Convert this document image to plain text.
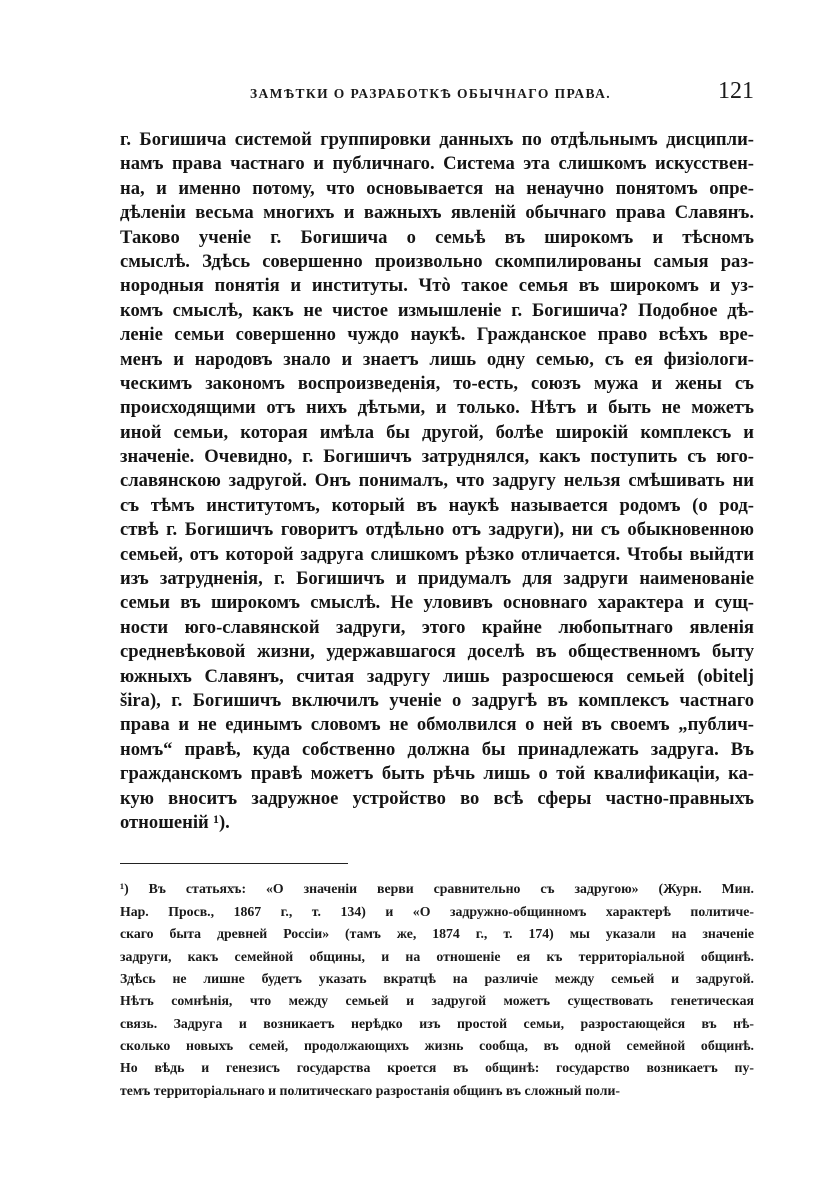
ЗАМѢТКИ О РАЗРАБОТКѢ ОБЫЧНАГО ПРАВА.	121
г. Богишича системой группировки данныхъ по отдѣльнымъ дисципли-
намъ права частнаго и публичнаго. Система эта слишкомъ искусствен-
на, и именно потому, что основывается на ненаучно понятомъ опре-
дѣленіи весьма многихъ и важныхъ явленій обычнаго права Славянъ.
Таково ученіе г. Богишича о семьѣ въ широкомъ и тѣсномъ
смыслѣ. Здѣсь совершенно произвольно скомпилированы самыя раз-
нородныя понятія и институты. Чтò такое семья въ широкомъ и уз-
комъ смыслѣ, какъ не чистое измышленіе г. Богишича? Подобное дѣ-
леніе семьи совершенно чуждо наукѣ. Гражданское право всѣхъ вре-
менъ и народовъ знало и знаетъ лишь одну семью, съ ея физіологи-
ческимъ закономъ воспроизведенія, то-есть, союзъ мужа и жены съ
происходящими отъ нихъ дѣтьми, и только. Нѣтъ и быть не можетъ
иной семьи, которая имѣла бы другой, болѣе широкій комплексъ и
значеніе. Очевидно, г. Богишичъ затруднялся, какъ поступить съ юго-
славянскою задругой. Онъ понималъ, что задругу нельзя смѣшивать ни
съ тѣмъ институтомъ, который въ наукѣ называется родомъ (о род-
ствѣ г. Богишичъ говоритъ отдѣльно отъ задруги), ни съ обыкновенною
семьей, отъ которой задруга слишкомъ рѣзко отличается. Чтобы выйдти
изъ затрудненія, г. Богишичъ и придумалъ для задруги наименованіе
семьи въ широкомъ смыслѣ. Не уловивъ основнаго характера и сущ-
ности юго-славянской задруги, этого крайне любопытнаго явленія
средневѣковой жизни, удержавшагося доселѣ въ общественномъ быту
южныхъ Славянъ, считая задругу лишь разросшеюся семьей (obitelj
šira), г. Богишичъ включилъ ученіе о задругѣ въ комплексъ частнаго
права и не единымъ словомъ не обмолвился о ней въ своемъ „публич-
номъ“ правѣ, куда собственно должна бы принадлежать задруга. Въ
гражданскомъ правѣ можетъ быть рѣчь лишь о той квалификаціи, ка-
кую вноситъ задружное устройство во всѣ сферы частно-правныхъ
отношеній ¹).
¹) Въ статьяхъ: «О значеніи верви сравнительно съ задругою» (Журн. Мин.
Нар. Просв., 1867 г., т. 134) и «О задружно-общинномъ характерѣ политиче-
скаго быта древней Россіи» (тамъ же, 1874 г., т. 174) мы указали на значеніе
задруги, какъ семейной общины, и на отношеніе ея къ территоріальной общинѣ.
Здѣсь не лишне будетъ указать вкратцѣ на различіе между семьей и задругой.
Нѣтъ сомнѣнія, что между семьей и задругой можетъ существовать генетическая
связь. Задруга и возникаетъ нерѣдко изъ простой семьи, разростающейся въ нѣ-
сколько новыхъ семей, продолжающихъ жизнь сообща, въ одной семейной общинѣ.
Но вѣдь и генезисъ государства кроется въ общинѣ: государство возникаетъ пу-
темъ территоріальнаго и политическаго разростанія общинъ въ сложный поли-
